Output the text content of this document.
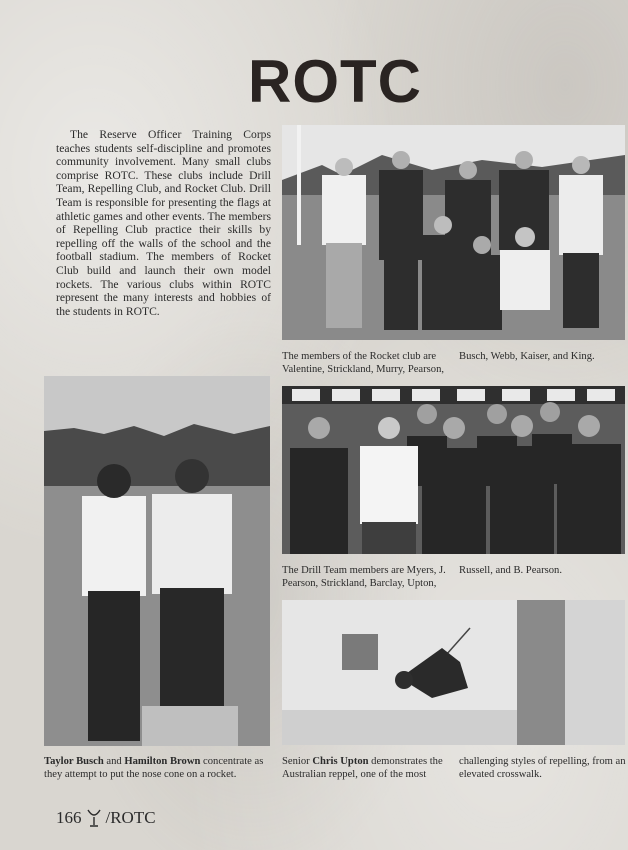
ROTC
The Reserve Officer Training Corps teaches students self-discipline and promotes community involvement. Many small clubs comprise ROTC. These clubs include Drill Team, Repelling Club, and Rocket Club. Drill Team is responsible for presenting the flags at athletic games and other events. The members of Repelling Club practice their skills by repelling off the walls of the school and the football stadium. The members of Rocket Club build and launch their own model rockets. The various clubs within ROTC represent the many interests and hobbies of the students in ROTC.
The members of the Rocket club are Valentine, Strickland, Murry, Pearson,
Busch, Webb, Kaiser, and King.
Taylor Busch and Hamilton Brown concentrate as they attempt to put the nose cone on a rocket.
The Drill Team members are Myers, J. Pearson, Strickland, Barclay, Upton,
Russell, and B. Pearson.
Senior Chris Upton demonstrates the Australian reppel, one of the most
challenging styles of repelling, from an elevated crosswalk.
166 /ROTC
